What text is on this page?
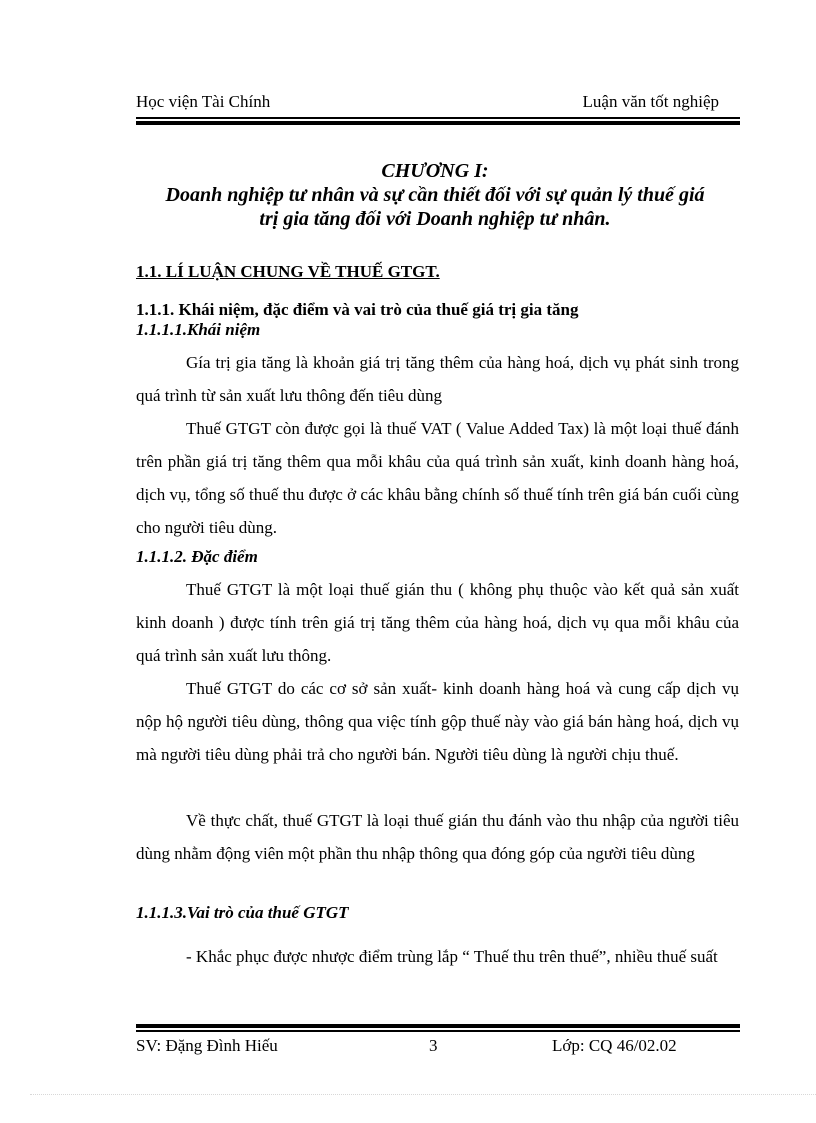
Học viện Tài Chính	Luận văn tốt nghiệp
CHƯƠNG I:
Doanh nghiệp tư nhân và sự cần thiết đối với sự quản lý thuế giá
trị gia tăng đối với Doanh nghiệp tư nhân.
1.1. LÍ LUẬN CHUNG VỀ THUẾ GTGT.
1.1.1. Khái niệm, đặc điểm và vai trò của thuế giá trị gia tăng
1.1.1.1.Khái niệm
Gía trị gia tăng là khoản giá trị tăng thêm của hàng hoá, dịch vụ phát sinh trong quá trình từ sản xuất lưu thông đến tiêu dùng
Thuế GTGT còn được gọi là thuế VAT ( Value Added Tax) là một loại thuế đánh trên phần giá trị tăng thêm qua mỗi khâu của quá trình sản xuất, kinh doanh hàng hoá, dịch vụ, tổng số thuế thu được ở các khâu bằng chính số thuế tính trên giá bán cuối cùng cho người tiêu dùng.
1.1.1.2. Đặc điểm
Thuế GTGT là một loại thuế gián thu ( không phụ thuộc vào kết quả sản xuất kinh doanh ) được tính trên giá trị tăng thêm của hàng hoá, dịch vụ qua mỗi khâu của quá trình sản xuất lưu thông.
Thuế GTGT do các cơ sở sản xuất- kinh doanh hàng hoá và cung cấp dịch vụ nộp hộ người tiêu dùng, thông qua việc tính gộp thuế này vào giá bán hàng hoá, dịch vụ mà người tiêu dùng phải trả cho người bán. Người tiêu dùng là người chịu thuế.
Về thực chất, thuế GTGT là loại thuế gián thu đánh vào thu nhập của người tiêu dùng nhằm động viên một phần thu nhập thông qua đóng góp của người tiêu dùng
1.1.1.3.Vai trò của thuế GTGT
- Khắc phục được nhược điểm trùng lắp “ Thuế thu trên thuế”, nhiều thuế suất
SV: Đặng Đình Hiếu	3	Lớp: CQ 46/02.02
